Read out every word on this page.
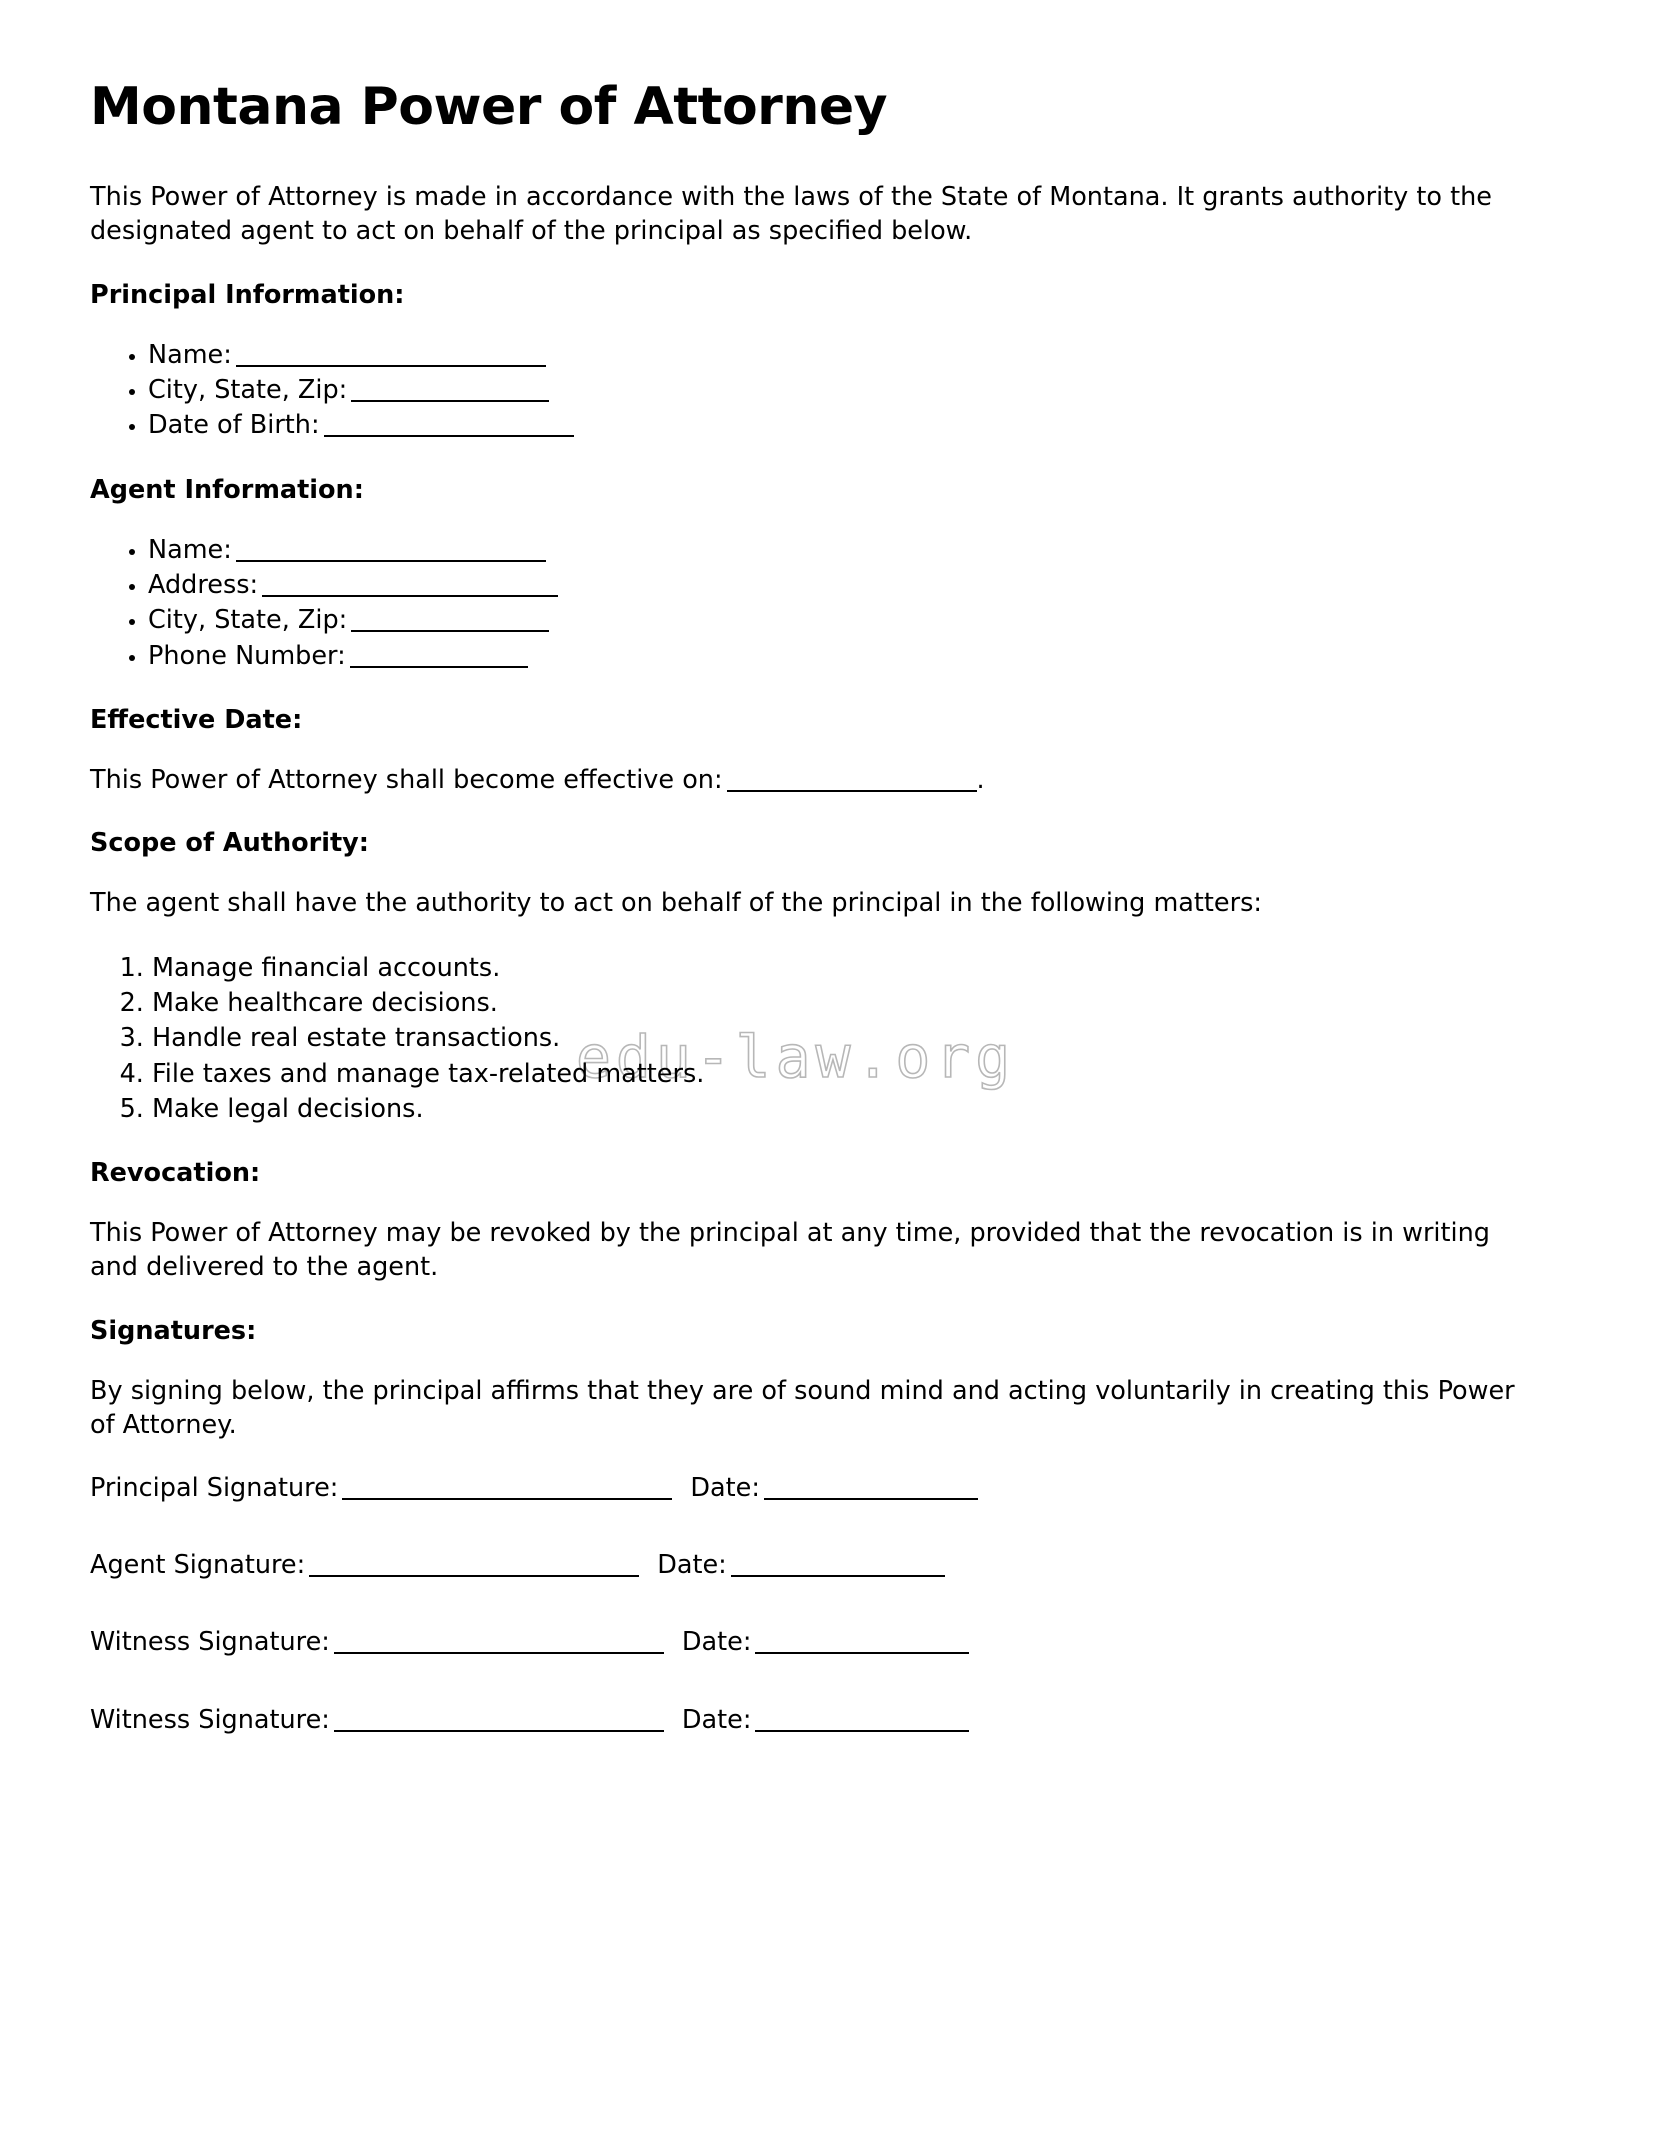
edu-law.org
Montana Power of Attorney

This Power of Attorney is made in accordance with the laws of the State of Montana. It grants authority to the designated agent to act on behalf of the principal as specified below.

Principal Information:
• Name:
• City, State, Zip:
• Date of Birth:
Agent Information:
• Name:
• Address:
• City, State, Zip:
• Phone Number:
Effective Date:

This Power of Attorney shall become effective on:	.

Scope of Authority:

The agent shall have the authority to act on behalf of the principal in the following matters:

1. Manage financial accounts.
2. Make healthcare decisions.
3. Handle real estate transactions.
4. File taxes and manage tax-related matters.
5. Make legal decisions.
Revocation:

This Power of Attorney may be revoked by the principal at any time, provided that the revocation is in writing and delivered to the agent.

Signatures:

By signing below, the principal affirms that they are of sound mind and acting voluntarily in creating this Power of Attorney.

Principal Signature:	Date:
Agent Signature:	Date:
Witness Signature:	Date:
Witness Signature:	Date:
